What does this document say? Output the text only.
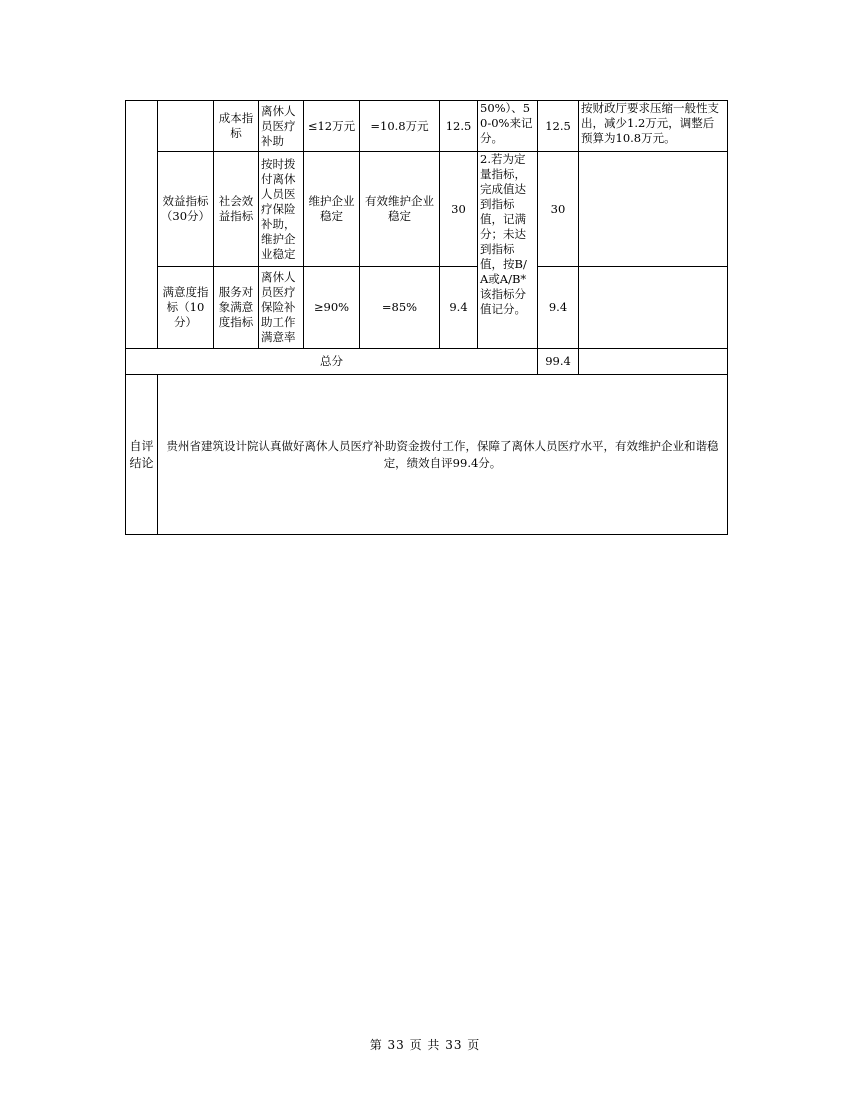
		成本指标	离休人员医疗补助	≤12万元	=10.8万元	12.5	50%）、50-0%来记分。	12.5	按财政厅要求压缩一般性支出，减少1.2万元，调整后预算为10.8万元。
	效益指标（30分）	社会效益指标	按时拨付离休人员医疗保险补助，维护企业稳定	维护企业稳定	有效维护企业稳定	30	2.若为定量指标，完成值达到指标值，记满分；未达到指标值，按B/A或A/B*该指标分值记分。	30	
	满意度指标（10分）	服务对象满意度指标	离休人员医疗保险补助工作满意率	≥90%	=85%	9.4		9.4	
总分								99.4	
自评结论	贵州省建筑设计院认真做好离休人员医疗补助资金拨付工作，保障了离休人员医疗水平，有效维护企业和谐稳定，绩效自评99.4分。								
第 33 页 共 33 页
